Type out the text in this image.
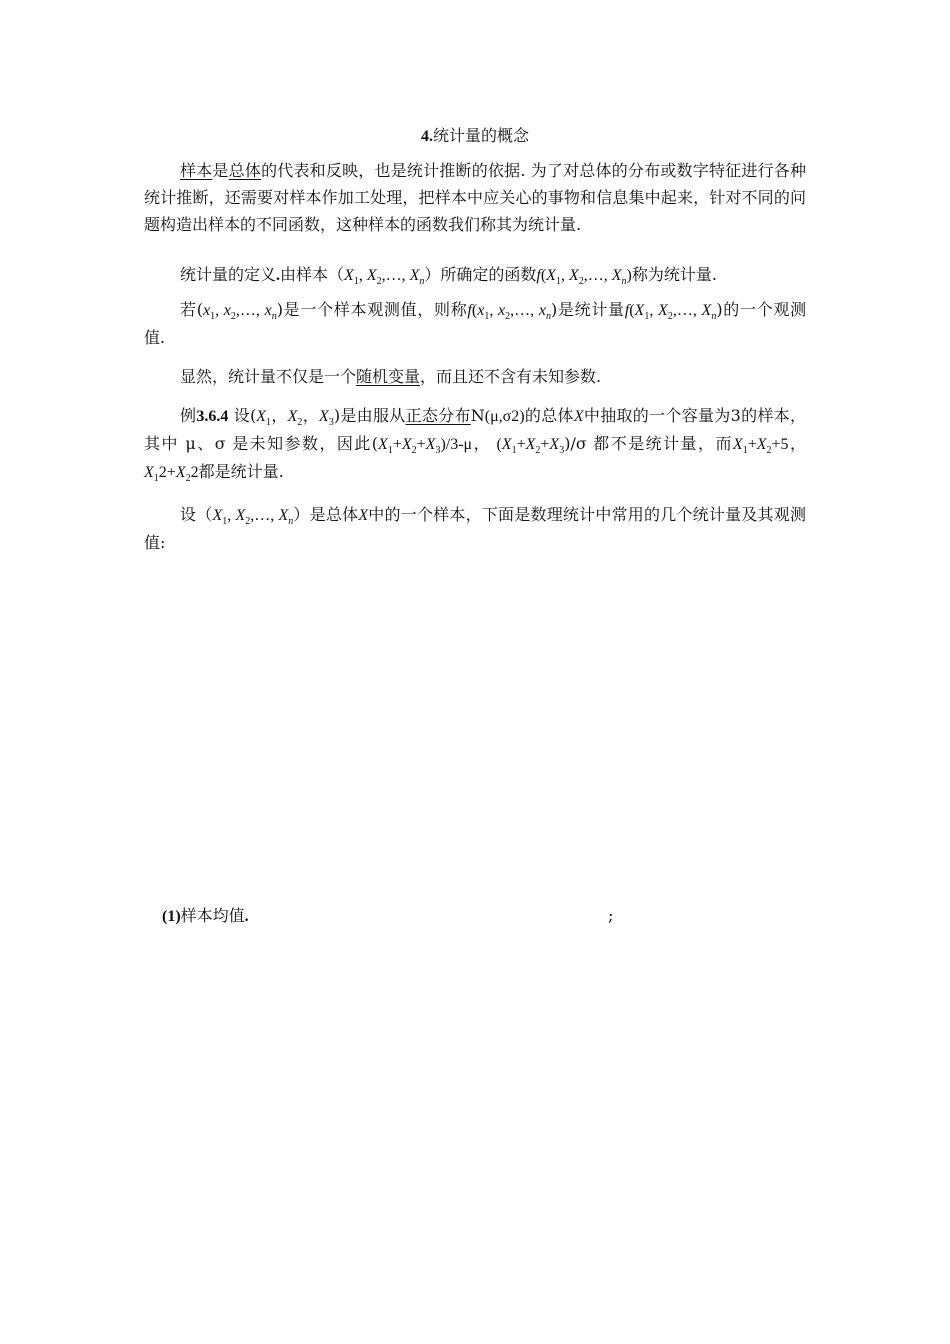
4.统计量的概念

样本是总体的代表和反映，也是统计推断的依据. 为了对总体的分布或数字特征进行各种统计推断，还需要对样本作加工处理，把样本中应关心的事物和信息集中起来，针对不同的问题构造出样本的不同函数，这种样本的函数我们称其为统计量.

统计量的定义.由样本（$X_1$, $X_2,\dots$, $X_n$）所确定的函数$f(X_1$, $X_2,\dots$, $X_n$)称为统计量.

若($x_1$, $x_2,\dots$, $x_n$)是一个样本观测值，则称$f(x_1$, $x_2,\dots$, $x_n$)是统计量$f(X_1$, $X_2,\dots$, $X_n$)的一个观测值.

显然，统计量不仅是一个随机变量，而且还不含有未知参数.

例3.6.4 设($X_1$，$X_2$，$X_3$)是由服从正态分布N(μ,σ2)的总体X中抽取的一个容量为3的样本，其中 μ、σ 是未知参数，因此$(X_1+X_2+X_3)/3-\mu$， $(X_1+X_2+X_3)/\sigma$ 都不是统计量，而$X_1+X_2+5$， $X_12+X_22$都是统计量.

设（$X_1$, $X_2,\dots$, $X_n$）是总体X中的一个样本，下面是数理统计中常用的几个统计量及其观测值:

(1)样本均值.	;
